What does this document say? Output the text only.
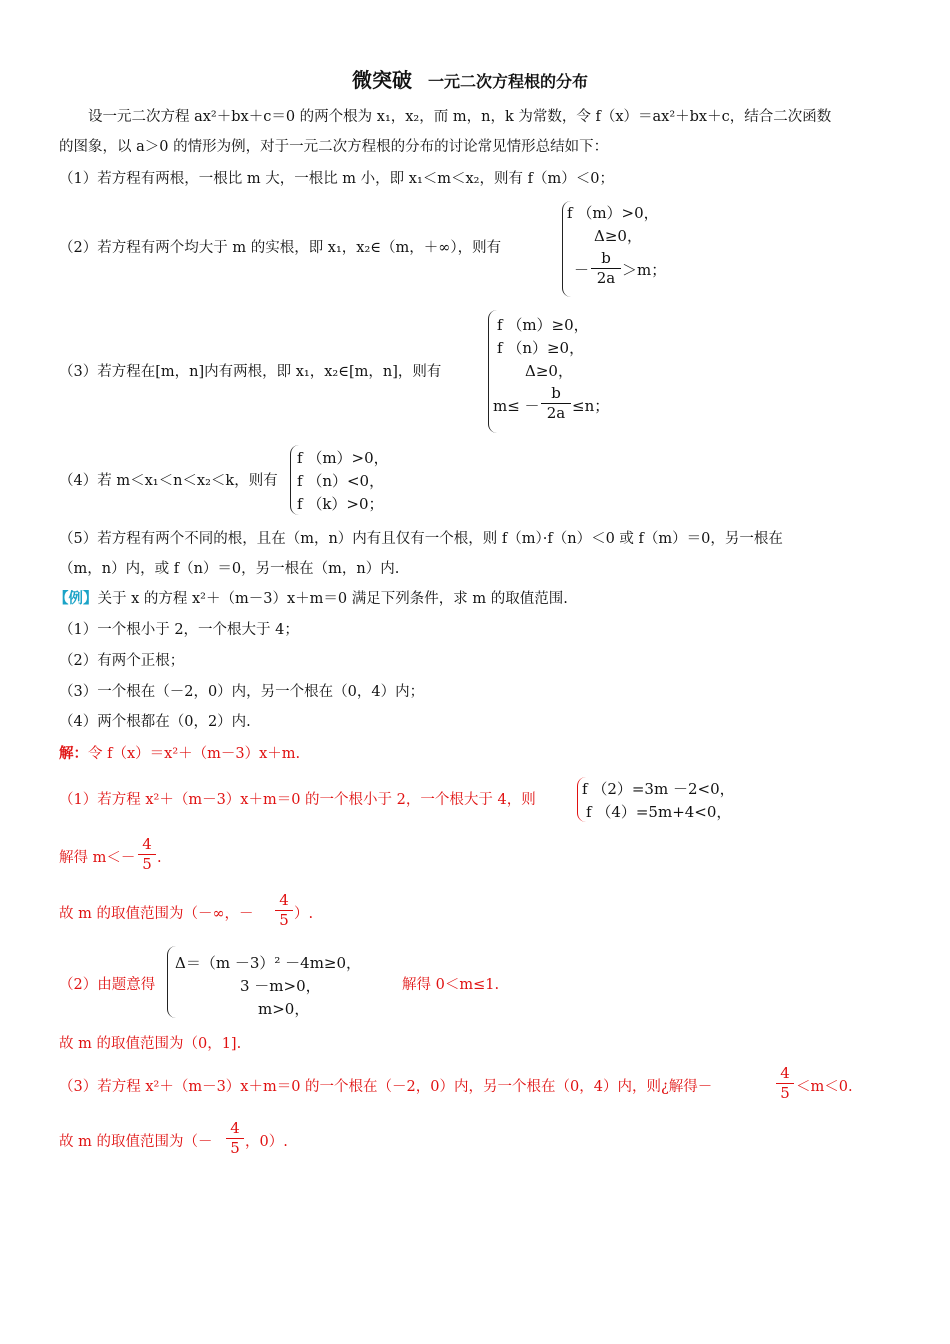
微突破 一元二次方程根的分布
设一元二次方程 ax²＋bx＋c＝0 的两个根为 x₁，x₂，而 m，n，k 为常数，令 f（x）＝ax²＋bx＋c，结合二次函数
的图象，以 a＞0 的情形为例，对于一元二次方程根的分布的讨论常见情形总结如下：
（1）若方程有两根，一根比 m 大，一根比 m 小，即 x₁＜m＜x₂，则有 f（m）＜0；
（2）若方程有两个均大于 m 的实根，即 x₁，x₂∈（m，＋∞），则有
f （m）>0，
Δ≥0，
－
b
2a ＞m；
（3）若方程在[m，n]内有两根，即 x₁，x₂∈[m，n]，则有
f （m）≥0，
f （n）≥0，
Δ≥0，
m≤ －
b
2a ≤n；
（4）若 m＜x₁＜n＜x₂＜k，则有
f （m）>0，
f （n）<0，
f （k）>0；
（5）若方程有两个不同的根，且在（m，n）内有且仅有一个根，则 f（m）·f（n）＜0 或 f（m）＝0，另一根在
（m，n）内，或 f（n）＝0，另一根在（m，n）内.
【例】关于 x 的方程 x²＋（m－3）x＋m＝0 满足下列条件，求 m 的取值范围.
（1）一个根小于 2，一个根大于 4；
（2）有两个正根；
（3）一个根在（－2，0）内，另一个根在（0，4）内；
（4）两个根都在（0，2）内.
解：令 f（x）＝x²＋（m－3）x＋m.
（1）若方程 x²＋（m－3）x＋m＝0 的一个根小于 2，一个根大于 4，则
f （2）=3m －2<0，
f （4）=5m+4<0，
解得 m＜－
4
5 .
故 m 的取值范围为（－∞，－
4
5 ）.
（2）由题意得
Δ＝（m －3）² －4m≥0，
3 －m>0，
m>0，
解得 0＜m≤1.
故 m 的取值范围为（0，1].
（3）若方程 x²＋（m－3）x＋m＝0 的一个根在（－2，0）内，另一个根在（0，4）内，则¿解得－
4
5 ＜m＜0.
故 m 的取值范围为（－
4
5 ，0）.
